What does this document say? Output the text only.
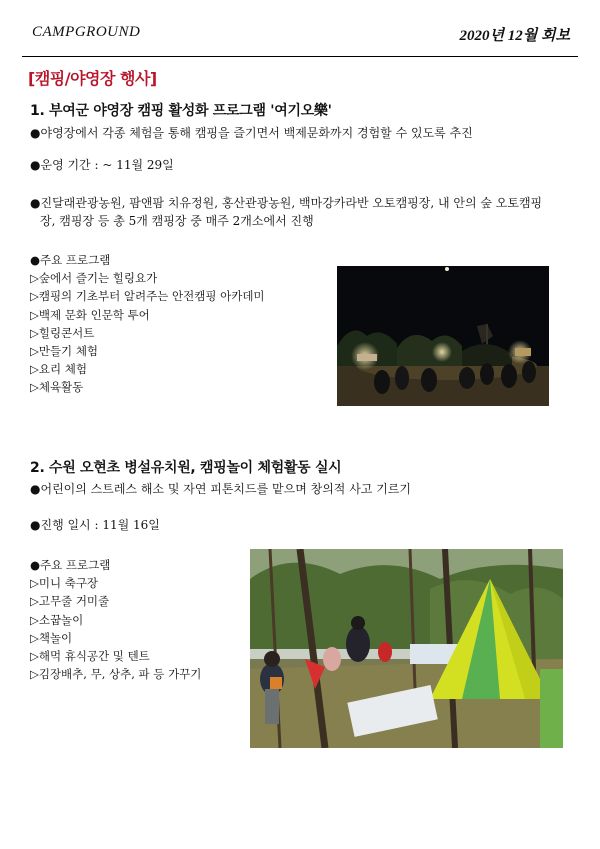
CAMPGROUND	2020년 12월 회보
[캠핑/야영장 행사]
1. 부여군 야영장 캠핑 활성화 프로그램 '여기오樂'
●야영장에서 각종 체험을 통해 캠핑을 즐기면서 백제문화까지 경험할 수 있도록 추진
●운영 기간 : ~ 11월 29일
●진달래관광농원, 팜앤팜 치유정원, 홍산관광농원, 백마강카라반 오토캠핑장, 내 안의 숲 오토캠핑
장, 캠핑장 등 총 5개 캠핑장 중 매주 2개소에서 진행
●주요 프로그램
▷숲에서 즐기는 힐링요가
▷캠핑의 기초부터 알려주는 안전캠핑 아카데미
▷백제 문화 인문학 투어
▷힐링콘서트
▷만들기 체험
▷요리 체험
▷체육활동
2. 수원 오현초 병설유치원, 캠핑놀이 체험활동 실시
●어린이의 스트레스 해소 및 자연 피톤치드를 맡으며 창의적 사고 기르기
●진행 일시 : 11월 16일
●주요 프로그램
▷미니 축구장
▷고무줄 거미줄
▷소꿉놀이
▷책놀이
▷해먹 휴식공간 및 텐트
▷김장배추, 무, 상추, 파 등 가꾸기
